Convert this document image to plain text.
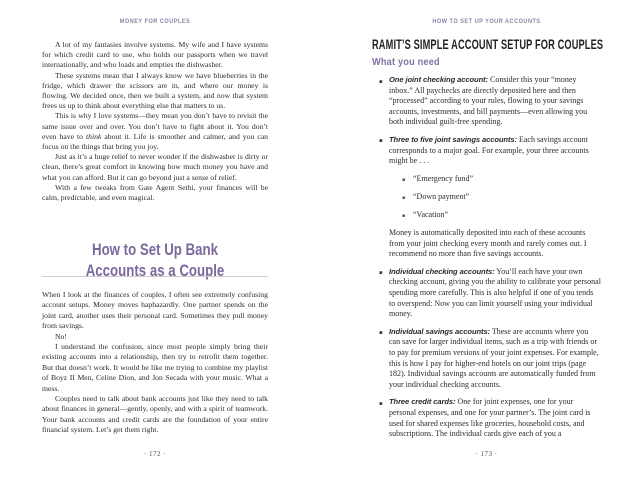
MONEY FOR COUPLES

A lot of my fantasies involve systems. My wife and I have systems for which credit card to use, who holds our passports when we travel internationally, and who loads and empties the dishwasher.

These systems mean that I always know we have blueberries in the fridge, which drawer the scissors are in, and where our money is flowing. We decided once, then we built a system, and now that system frees us up to think about everything else that matters to us.

This is why I love systems—they mean you don’t have to revisit the same issue over and over. You don’t have to fight about it. You don’t even have to think about it. Life is smoother and calmer, and you can focus on the things that bring you joy.

Just as it’s a huge relief to never wonder if the dishwasher is dirty or clean, there’s great comfort in knowing how much money you have and what you can afford. But it can go beyond just a sense of relief.

With a few tweaks from Gate Agent Sethi, your finances will be calm, predictable, and even magical.

How to Set Up Bank
Accounts as a Couple

When I look at the finances of couples, I often see extremely confusing account setups. Money moves haphazardly. One partner spends on the joint card, another uses their personal card. Sometimes they pull money from savings.

No!

I understand the confusion, since most people simply bring their existing accounts into a relationship, then try to retrofit them together. But that doesn’t work. It would be like me trying to combine my playlist of Boyz II Men, Celine Dion, and Jon Secada with your music. What a mess.

Couples need to talk about bank accounts just like they need to talk about finances in general—gently, openly, and with a spirit of teamwork. Your bank accounts and credit cards are the foundation of your entire financial system. Let’s get them right.

· 172 ·
HOW TO SET UP YOUR ACCOUNTS
RAMIT’S SIMPLE ACCOUNT SETUP FOR COUPLES
What you need
▪ One joint checking account: Consider this your “money inbox.” All paychecks are directly deposited here and then “processed” according to your rules, flowing to your savings accounts, investments, and bill payments—even allowing you both individual guilt-free spending.
▪ Three to five joint savings accounts: Each savings account corresponds to a major goal. For example, your three accounts might be . . .
▪ “Emergency fund”
▪ “Down payment”
▪ “Vacation”

Money is automatically deposited into each of these accounts from your joint checking every month and rarely comes out. I recommend no more than five savings accounts.

▪ Individual checking accounts: You’ll each have your own checking account, giving you the ability to calibrate your personal spending more carefully. This is also helpful if one of you tends to overspend: Now you can limit yourself using your individual money.
▪ Individual savings accounts: These are accounts where you can save for larger individual items, such as a trip with friends or to pay for premium versions of your joint expenses. For example, this is how I pay for higher-end hotels on our joint trips (page 182). Individual savings accounts are automatically funded from your individual checking accounts.
▪ Three credit cards: One for joint expenses, one for your personal expenses, and one for your partner’s. The joint card is used for shared expenses like groceries, household costs, and subscriptions. The individual cards give each of you a
· 173 ·
